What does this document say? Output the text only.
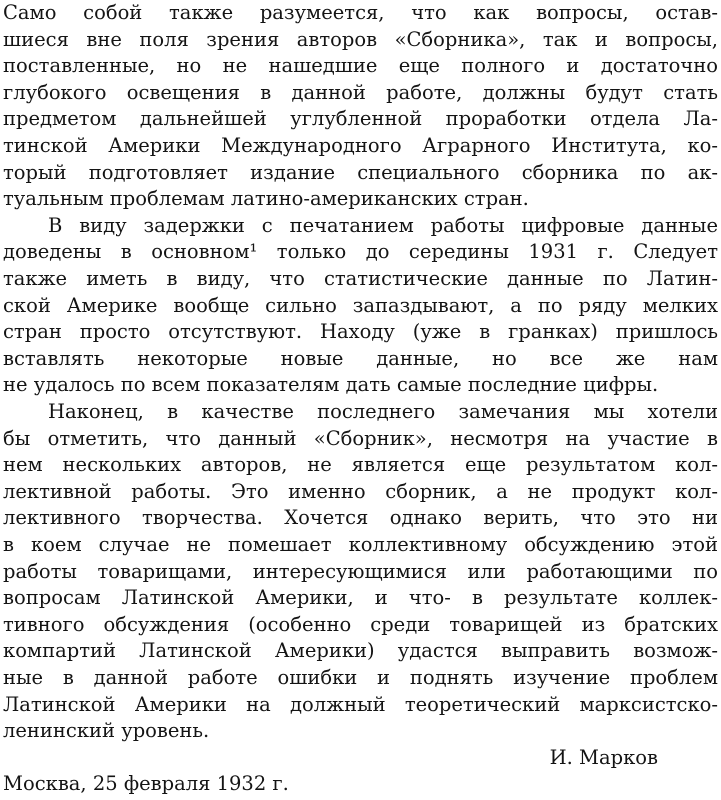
Само собой также разумеется, что как вопросы, остав-
шиеся вне поля зрения авторов «Сборника», так и вопросы,
поставленные, но не нашедшие еще полного и достаточно
глубокого освещения в данной работе, должны будут стать
предметом дальнейшей углубленной проработки отдела Ла-
тинской Америки Международного Аграрного Института, ко-
торый подготовляет издание специального сборника по ак-
туальным проблемам латино-американских стран.
В виду задержки с печатанием работы цифровые данные
доведены в основном¹ только до середины 1931 г. Следует
также иметь в виду, что статистические данные по Латин-
ской Америке вообще сильно запаздывают, а по ряду мелких
стран просто отсутствуют. Находу (уже в гранках) пришлось
вставлять некоторые новые данные, но все же нам
не удалось по всем показателям дать самые последние цифры.
Наконец, в качестве последнего замечания мы хотели
бы отметить, что данный «Сборник», несмотря на участие в
нем нескольких авторов, не является еще результатом кол-
лективной работы. Это именно сборник, а не продукт кол-
лективного творчества. Хочется однако верить, что это ни
в коем случае не помешает коллективному обсуждению этой
работы товарищами, интересующимися или работающими по
вопросам Латинской Америки, и что- в результате коллек-
тивного обсуждения (особенно среди товарищей из братских
компартий Латинской Америки) удастся выправить возмож-
ные в данной работе ошибки и поднять изучение проблем
Латинской Америки на должный теоретический марксистско-
ленинский уровень.
И. Марков
Москва, 25 февраля 1932 г.
